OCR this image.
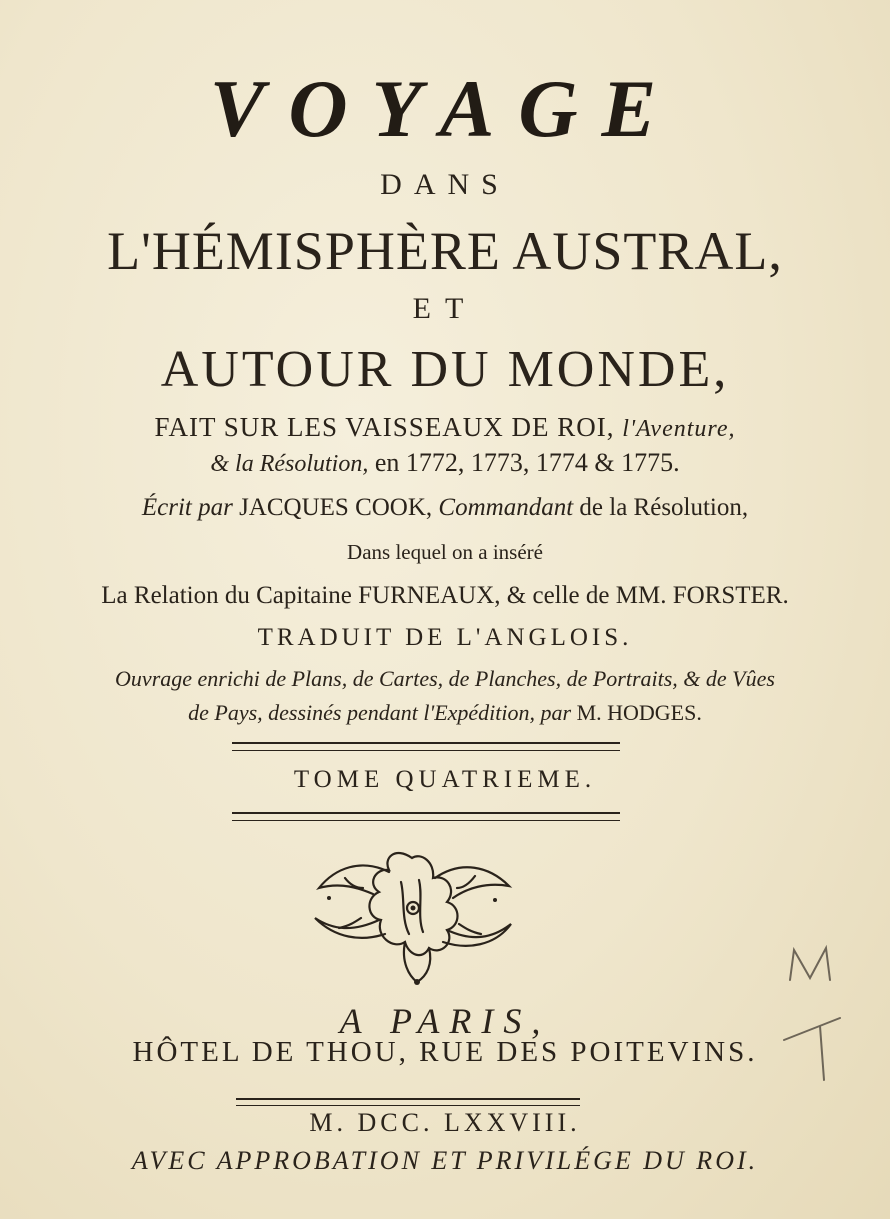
VOYAGE
DANS
L'HÉMISPHÈRE AUSTRAL,
ET
AUTOUR DU MONDE,
FAIT SUR LES VAISSEAUX DE ROI, l'Aventure,
& la Résolution, en 1772, 1773, 1774 & 1775.
Écrit par JACQUES COOK, Commandant de la Résolution,
Dans lequel on a inséré
La Relation du Capitaine FURNEAUX, & celle de MM. FORSTER.
TRADUIT DE L'ANGLOIS.
Ouvrage enrichi de Plans, de Cartes, de Planches, de Portraits, & de Vûes
de Pays, dessinés pendant l'Expédition, par M. HODGES.
TOME QUATRIEME.
A PARIS,
HÔTEL DE THOU, RUE DES POITEVINS.
M. DCC. LXXVIII.
AVEC APPROBATION ET PRIVILÉGE DU ROI.
